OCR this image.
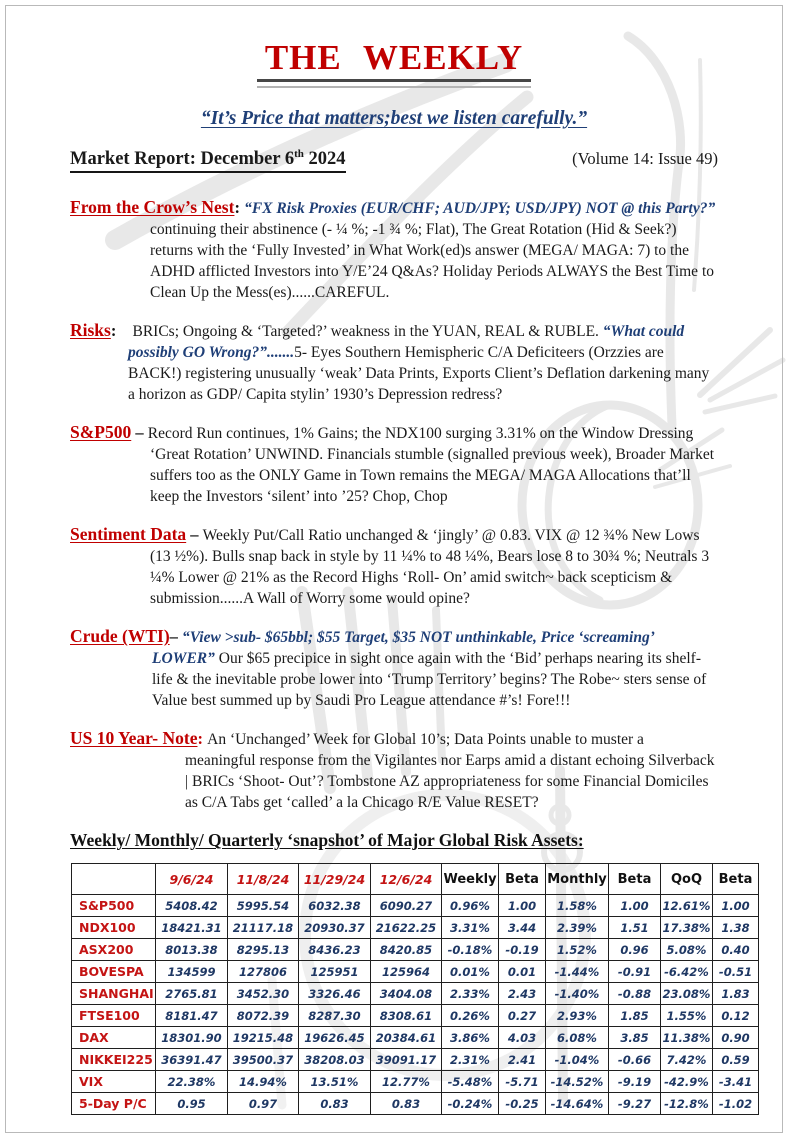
THE WEEKLY
“It’s Price that matters;best we listen carefully.”
Market Report: December 6th 2024	(Volume 14: Issue 49)

From the Crow’s Nest: “FX Risk Proxies (EUR/CHF; AUD/JPY; USD/JPY) NOT @ this Party?” continuing their abstinence (- ¼ %; -1 ¾ %; Flat), The Great Rotation (Hid & Seek?) returns with the ‘Fully Invested’ in What Work(ed)s answer (MEGA/ MAGA: 7) to the ADHD afflicted Investors into Y/E’24 Q&As? Holiday Periods ALWAYS the Best Time to Clean Up the Mess(es)......CAREFUL.

Risks: BRICs; Ongoing & ‘Targeted?’ weakness in the YUAN, REAL & RUBLE. “What could possibly GO Wrong?”.......5- Eyes Southern Hemispheric C/A Deficiteers (Orzzies are BACK!) registering unusually ‘weak’ Data Prints, Exports Client’s Deflation darkening many a horizon as GDP/ Capita stylin’ 1930’s Depression redress?

S&P500 – Record Run continues, 1% Gains; the NDX100 surging 3.31% on the Window Dressing ‘Great Rotation’ UNWIND. Financials stumble (signalled previous week), Broader Market suffers too as the ONLY Game in Town remains the MEGA/ MAGA Allocations that’ll keep the Investors ‘silent’ into ’25? Chop, Chop

Sentiment Data – Weekly Put/Call Ratio unchanged & ‘jingly’ @ 0.83. VIX @ 12 ¾% New Lows (13 ½%). Bulls snap back in style by 11 ¼% to 48 ¼%, Bears lose 8 to 30¾ %; Neutrals 3 ¼% Lower @ 21% as the Record Highs ‘Roll- On’ amid switch~ back scepticism & submission......A Wall of Worry some would opine?

Crude (WTI)– “View >sub- $65bbl; $55 Target, $35 NOT unthinkable, Price ‘screaming’ LOWER” Our $65 precipice in sight once again with the ‘Bid’ perhaps nearing its shelf- life & the inevitable probe lower into ‘Trump Territory’ begins? The Robe~ sters sense of Value best summed up by Saudi Pro League attendance #’s! Fore!!!

US 10 Year- Note: An ‘Unchanged’ Week for Global 10’s; Data Points unable to muster a meaningful response from the Vigilantes nor Earps amid a distant echoing Silverback | BRICs ‘Shoot- Out’? Tombstone AZ appropriateness for some Financial Domiciles as C/A Tabs get ‘called’ a la Chicago R/E Value RESET?

Weekly/ Monthly/ Quarterly ‘snapshot’ of Major Global Risk Assets:
	9/6/24	11/8/24	11/29/24	12/6/24	Weekly	Beta	Monthly	Beta	QoQ	Beta
S&P500	5408.42	5995.54	6032.38	6090.27	0.96%	1.00	1.58%	1.00	12.61%	1.00
NDX100	18421.31	21117.18	20930.37	21622.25	3.31%	3.44	2.39%	1.51	17.38%	1.38
ASX200	8013.38	8295.13	8436.23	8420.85	-0.18%	-0.19	1.52%	0.96	5.08%	0.40
BOVESPA	134599	127806	125951	125964	0.01%	0.01	-1.44%	-0.91	-6.42%	-0.51
SHANGHAI	2765.81	3452.30	3326.46	3404.08	2.33%	2.43	-1.40%	-0.88	23.08%	1.83
FTSE100	8181.47	8072.39	8287.30	8308.61	0.26%	0.27	2.93%	1.85	1.55%	0.12
DAX	18301.90	19215.48	19626.45	20384.61	3.86%	4.03	6.08%	3.85	11.38%	0.90
NIKKEI225	36391.47	39500.37	38208.03	39091.17	2.31%	2.41	-1.04%	-0.66	7.42%	0.59
VIX	22.38%	14.94%	13.51%	12.77%	-5.48%	-5.71	-14.52%	-9.19	-42.9%	-3.41
5-Day P/C	0.95	0.97	0.83	0.83	-0.24%	-0.25	-14.64%	-9.27	-12.8%	-1.02
